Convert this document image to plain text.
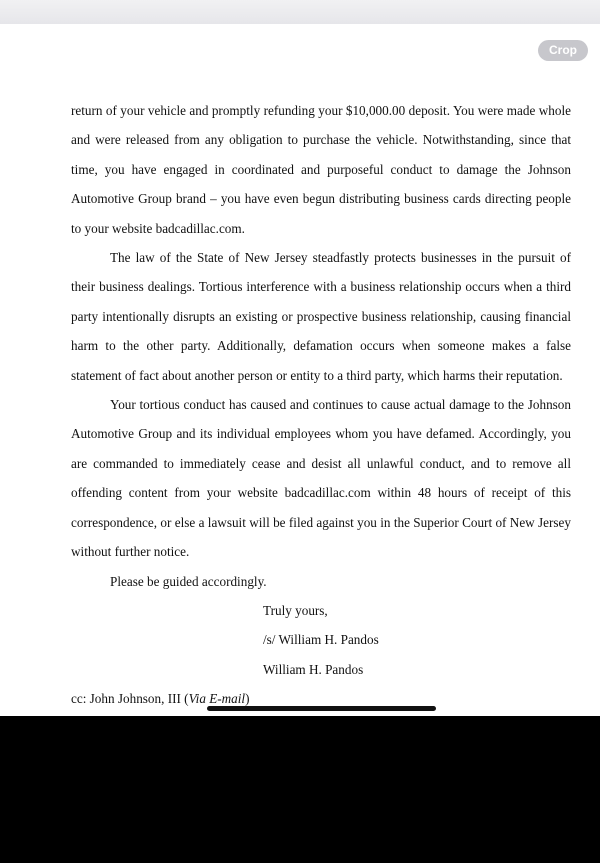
Crop

return of your vehicle and promptly refunding your $10,000.00 deposit. You were made whole and were released from any obligation to purchase the vehicle. Notwithstanding, since that time, you have engaged in coordinated and purposeful conduct to damage the Johnson Automotive Group brand – you have even begun distributing business cards directing people to your website badcadillac.com.

The law of the State of New Jersey steadfastly protects businesses in the pursuit of their business dealings. Tortious interference with a business relationship occurs when a third party intentionally disrupts an existing or prospective business relationship, causing financial harm to the other party. Additionally, defamation occurs when someone makes a false statement of fact about another person or entity to a third party, which harms their reputation.

Your tortious conduct has caused and continues to cause actual damage to the Johnson Automotive Group and its individual employees whom you have defamed. Accordingly, you are commanded to immediately cease and desist all unlawful conduct, and to remove all offending content from your website badcadillac.com within 48 hours of receipt of this correspondence, or else a lawsuit will be filed against you in the Superior Court of New Jersey without further notice.

Please be guided accordingly.

Truly yours,

/s/ William H. Pandos

William H. Pandos

cc: John Johnson, III (Via E-mail)
